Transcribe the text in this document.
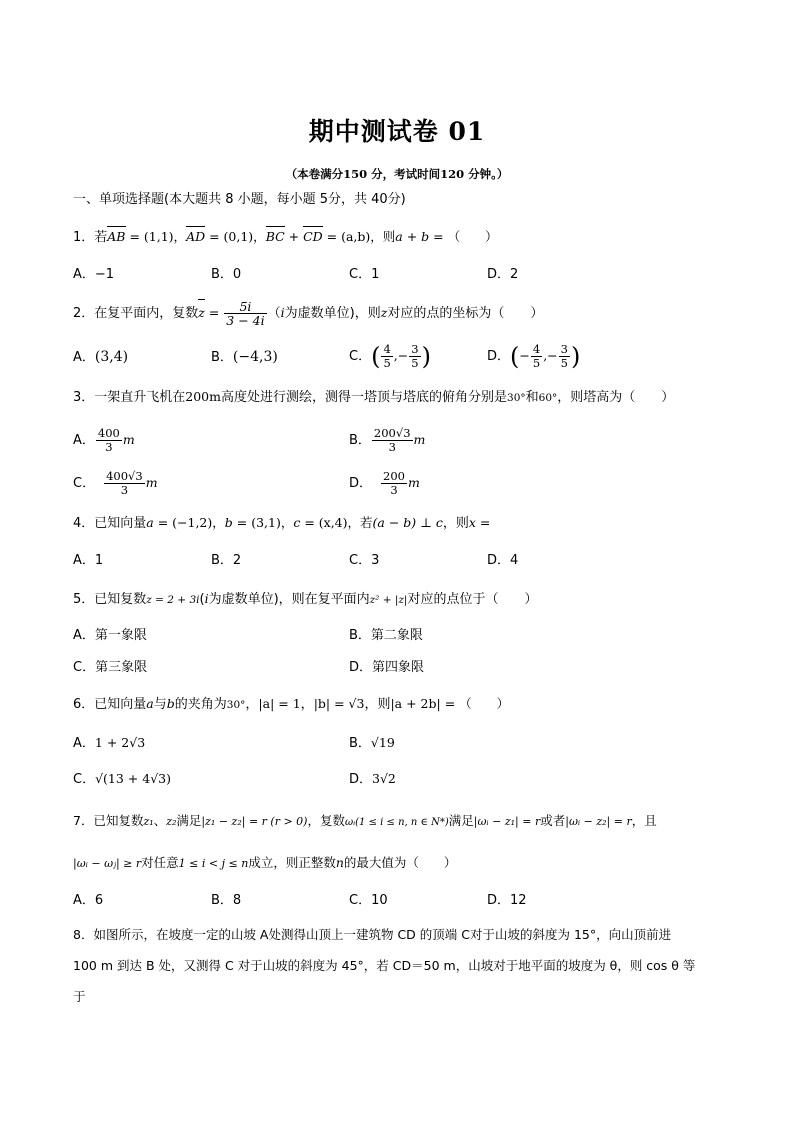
期中测试卷 01
（本卷满分150 分，考试时间120 分钟。）
一、单项选择题(本大题共 8 小题，每小题 5分，共 40分)
1．若AB = (1,1)，AD = (0,1)，BC + CD = (a,b)，则a + b = （　　）
A．−1	B．0	C．1	D．2
2．在复平面内，复数$z = \frac{5i}{3 - 4i} (i$为虚数单位)，则z对应的点的坐标为（　　）
A．(3,4)	B．(−4,3)	C．( $\frac{4}{5}$ ,− $\frac{3}{5}$ )	D．(− $\frac{4}{5}$ ,− $\frac{3}{5}$ )
3．一架直升飞机在200m高度处进行测绘，测得一塔顶与塔底的俯角分别是30°和60°，则塔高为（　　）
A． $\frac{400}{3}$ m	B． $\frac{200√3}{3}$ m
C． $\frac{400√3}{3}$ m	D． $\frac{200}{3}$ m
4．已知向量a = (−1,2)，b = (3,1)，c = (x,4)，若(a − b) ⊥ c，则x =
A．1	B．2	C．3	D．4
5．已知复数z = 2 + 3i(i为虚数单位)，则在复平面内z² + |z|对应的点位于（　　）
A．第一象限	B．第二象限
C．第三象限	D．第四象限
6．已知向量a与b的夹角为30°，|a| = 1，|b| = √3，则|a + 2b| = （　　）
A．1 + 2√3	B．√19
C．√(13 + 4√3)	D．3√2
7．已知复数z₁、z₂满足|z₁ − z₂| = r (r > 0)，复数ωᵢ(1 ≤ i ≤ n, n ∈ N*)满足|ωᵢ − z₁| = r或者|ωᵢ − z₂| = r，且
|ωᵢ − ωⱼ| ≥ r对任意1 ≤ i < j ≤ n成立，则正整数n的最大值为（　　）
A．6	B．8	C．10	D．12
8．如图所示，在坡度一定的山坡 A处测得山顶上一建筑物 CD 的顶端 C对于山坡的斜度为 15°，向山顶前进
100 m 到达 B 处，又测得 C 对于山坡的斜度为 45°，若 CD＝50 m，山坡对于地平面的坡度为 θ，则 cos θ 等
于
